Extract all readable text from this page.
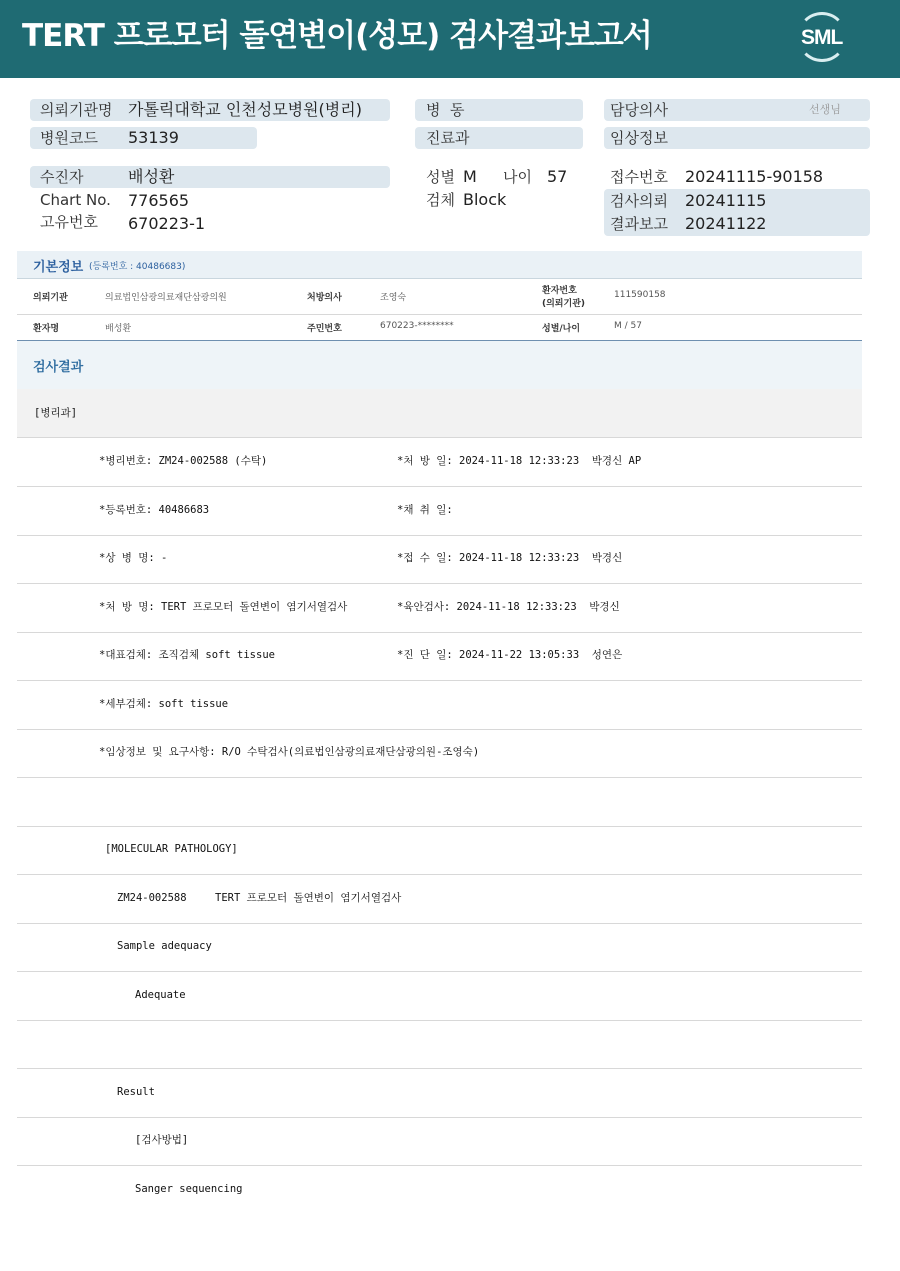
TERT 프로모터 돌연변이(성모) 검사결과보고서	SML
의뢰기관명 가톨릭대학교 인천성모병원(병리)
병원코드 53139
병  동
진료과
담당의사	선생님
임상정보
수진자	배성환
Chart No. 776565
고유번호 670223-1
성별 M 나이 57
검체 Block
접수번호 20241115-90158
검사의뢰 20241115
결과보고 20241122
기본정보 (등록번호 : 40486683)
의뢰기관	의료법인삼광의료재단삼광의원	처방의사	조영숙
환자번호
(의뢰기관)
111590158
환자명	배성환	주민번호	670223-********	성별/나이	M / 57
검사결과
[병리과]
*병리번호: ZM24-002588 (수탁)	*처 방 일: 2024-11-18 12:33:23  박경신 AP
*등록번호: 40486683	*채 취 일:
*상 병 명: -	*접 수 일: 2024-11-18 12:33:23  박경신
*처 방 명: TERT 프로모터 돌연변이 염기서열검사	*육안검사: 2024-11-18 12:33:23  박경신
*대표검체: 조직검체 soft tissue	*진 단 일: 2024-11-22 13:05:33  성연은
*세부검체: soft tissue
*임상정보 및 요구사항: R/O 수탁검사(의료법인삼광의료재단삼광의원-조영숙)
[MOLECULAR PATHOLOGY]
ZM24-002588	TERT 프로모터 돌연변이 염기서열검사
Sample adequacy
Adequate
Result
[검사방법]
Sanger sequencing
